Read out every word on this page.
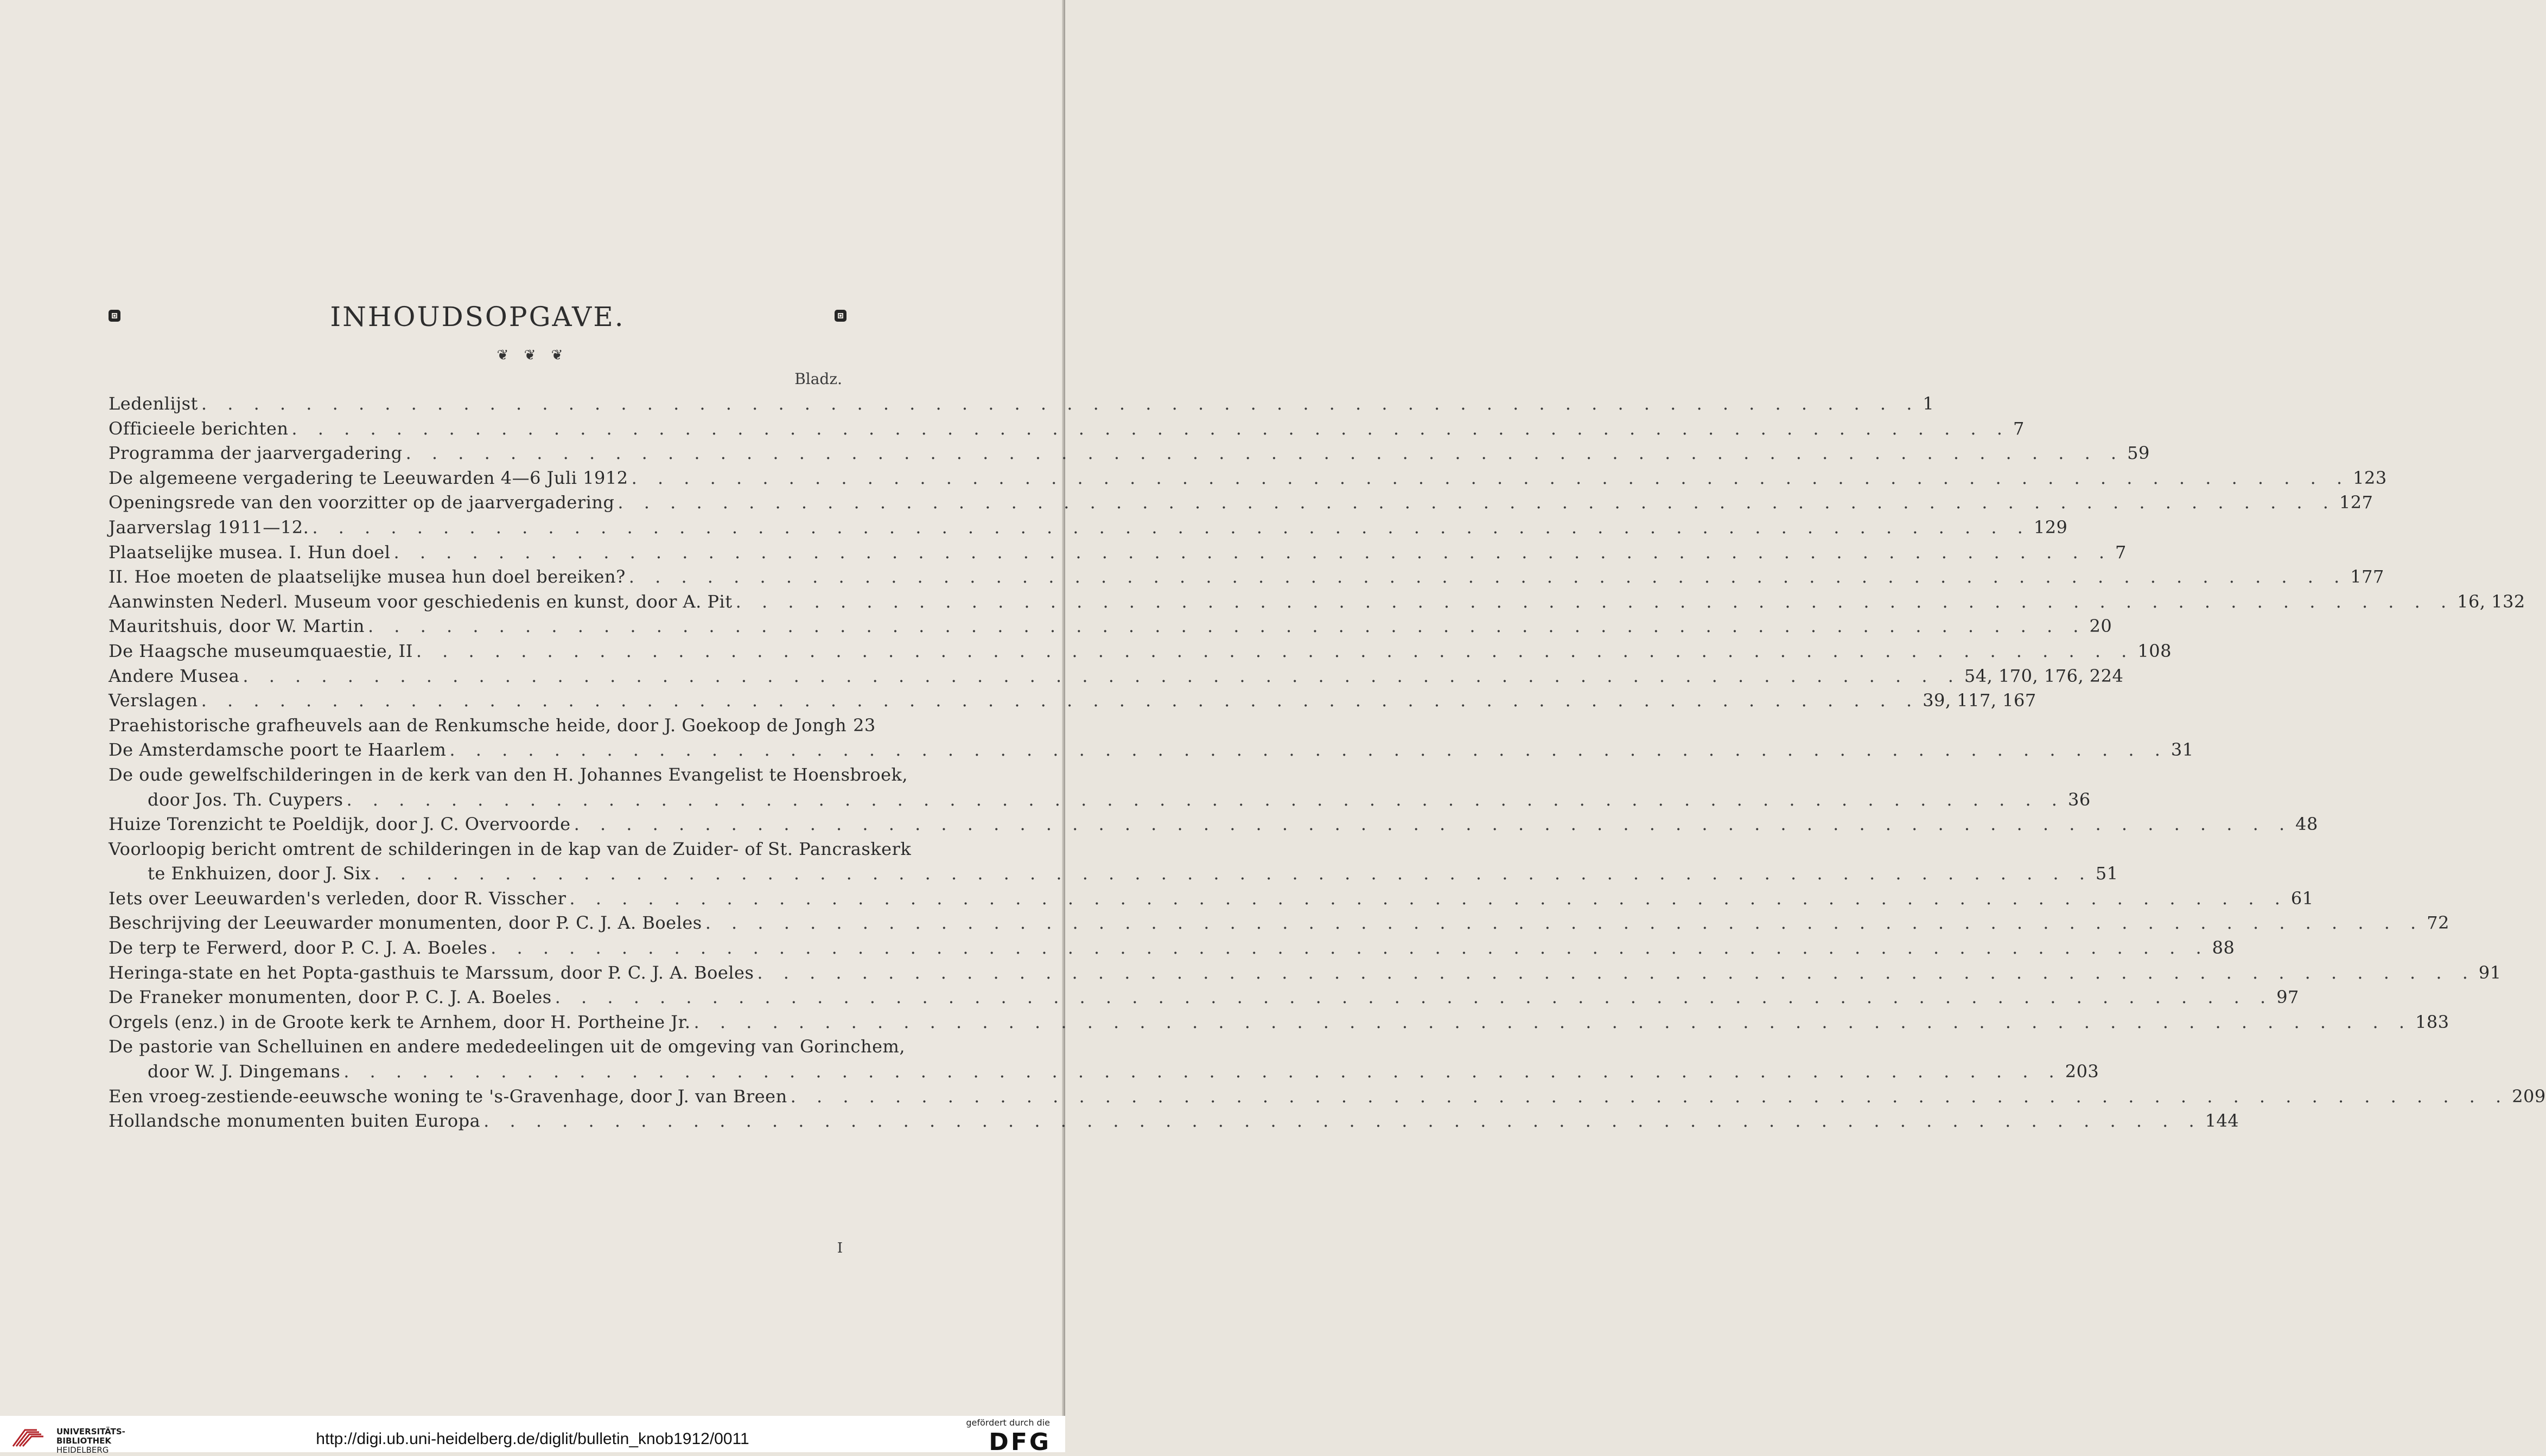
INHOUDSOPGAVE.
❦ ❦ ❦
Bladz.
Ledenlijst . . .	1
Officieele berichten . . .	7
Programma der jaarvergadering . . .	59
De algemeene vergadering te Leeuwarden 4—6 Juli 1912 . . .	123
Openingsrede van den voorzitter op de jaarvergadering . . .	127
Jaarverslag 1911—12. . . .	129
Plaatselijke musea. I. Hun doel . . .	7
II. Hoe moeten de plaatselijke musea hun doel bereiken? . . .	177
Aanwinsten Nederl. Museum voor geschiedenis en kunst, door A. Pit . . .	16, 132
Mauritshuis, door W. Martin . . .	20
De Haagsche museumquaestie, II . . .	108
Andere Musea . . .	54, 170, 176, 224
Verslagen . . .	39, 117, 167
Praehistorische grafheuvels aan de Renkumsche heide, door J. Goekoop de Jongh 23
De Amsterdamsche poort te Haarlem . . .	31
De oude gewelfschilderingen in de kerk van den H. Johannes Evangelist te Hoensbroek,
door Jos. Th. Cuypers . . .	36
Huize Torenzicht te Poeldijk, door J. C. Overvoorde . . .	48
Voorloopig bericht omtrent de schilderingen in de kap van de Zuider- of St. Pancraskerk
te Enkhuizen, door J. Six . . .	51
Iets over Leeuwarden's verleden, door R. Visscher . . .	61
Beschrijving der Leeuwarder monumenten, door P. C. J. A. Boeles . . .	72
De terp te Ferwerd, door P. C. J. A. Boeles . . .	88
Heringa-state en het Popta-gasthuis te Marssum, door P. C. J. A. Boeles . . .	91
De Franeker monumenten, door P. C. J. A. Boeles . . .	97
Orgels (enz.) in de Groote kerk te Arnhem, door H. Portheine Jr. . . .	183
De pastorie van Schelluinen en andere mededeelingen uit de omgeving van Gorinchem,
door W. J. Dingemans . . .	203
Een vroeg-zestiende-eeuwsche woning te 's-Gravenhage, door J. van Breen . . .	209
Hollandsche monumenten buiten Europa . . .	144
I
UNIVERSITÄTS-
BIBLIOTHEK
HEIDELBERG
http://digi.ub.uni-heidelberg.de/diglit/bulletin_knob1912/0011
gefördert durch die
DFG
